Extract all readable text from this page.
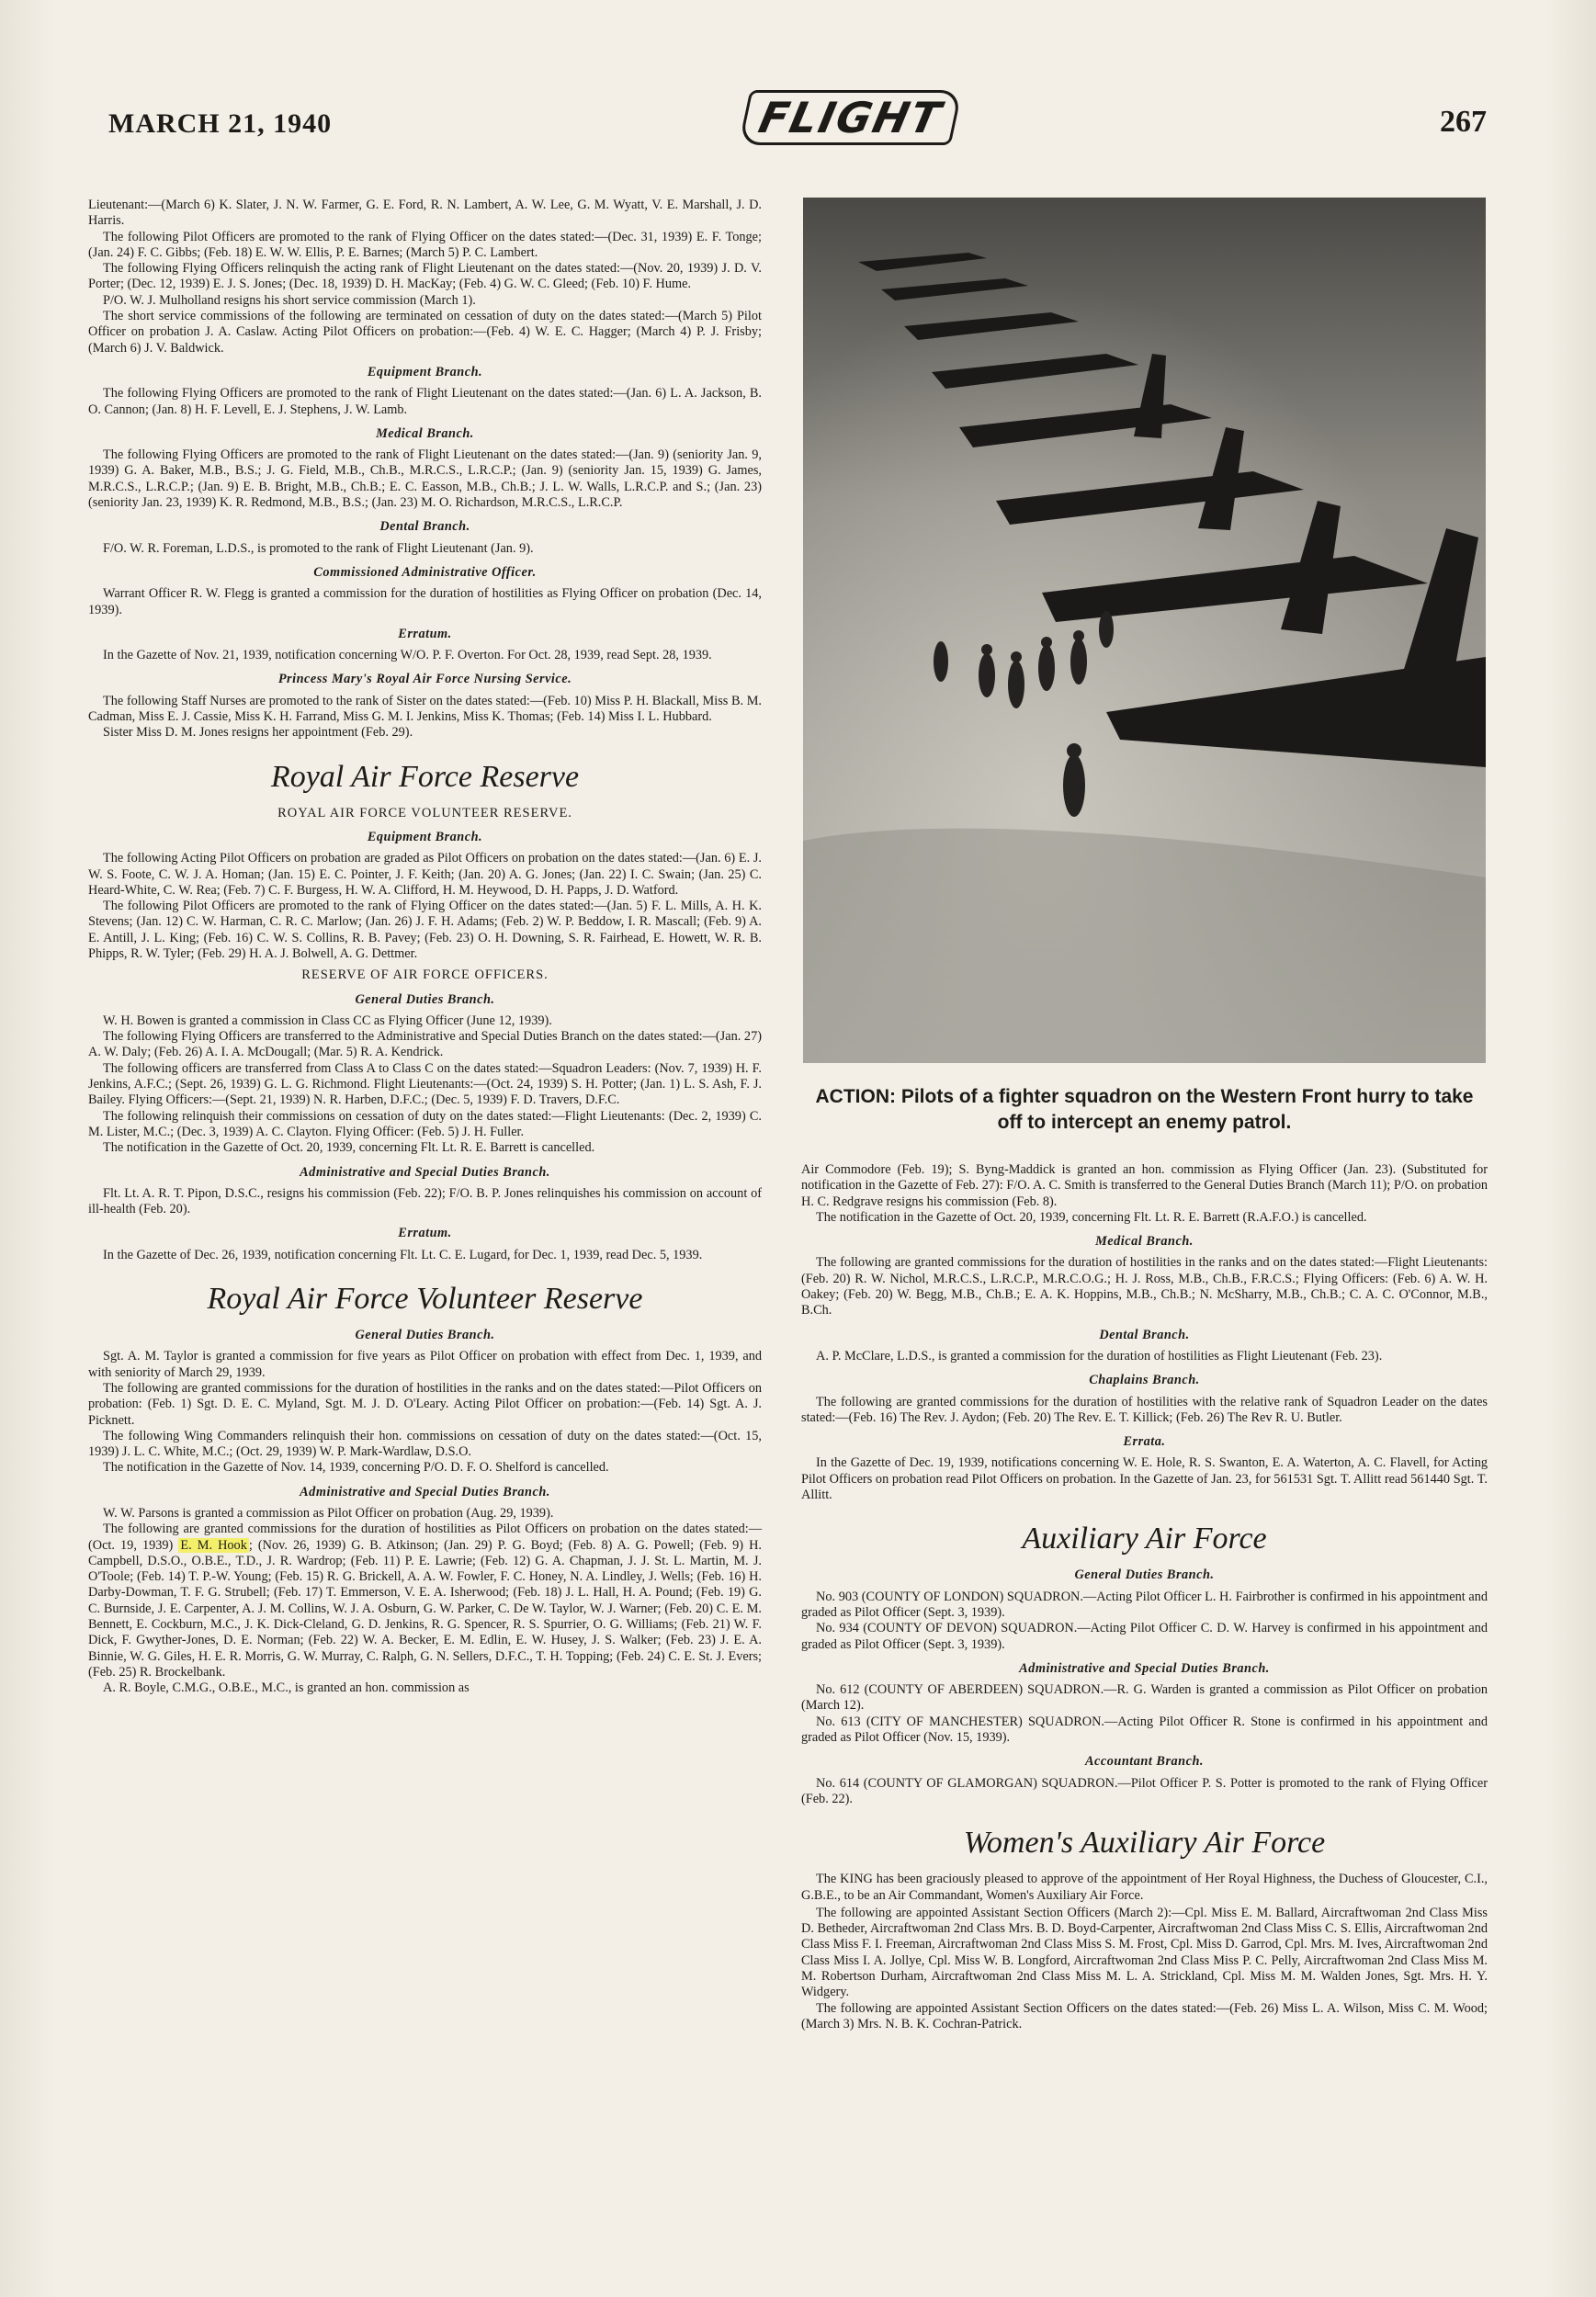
MARCH 21, 1940	FLIGHT	267

Lieutenant:—(March 6) K. Slater, J. N. W. Farmer, G. E. Ford, R. N. Lambert, A. W. Lee, G. M. Wyatt, V. E. Marshall, J. D. Harris.

The following Pilot Officers are promoted to the rank of Flying Officer on the dates stated:—(Dec. 31, 1939) E. F. Tonge; (Jan. 24) F. C. Gibbs; (Feb. 18) E. W. W. Ellis, P. E. Barnes; (March 5) P. C. Lambert.

The following Flying Officers relinquish the acting rank of Flight Lieutenant on the dates stated:—(Nov. 20, 1939) J. D. V. Porter; (Dec. 12, 1939) E. J. S. Jones; (Dec. 18, 1939) D. H. MacKay; (Feb. 4) G. W. C. Gleed; (Feb. 10) F. Hume.

P/O. W. J. Mulholland resigns his short service commission (March 1).

The short service commissions of the following are terminated on cessation of duty on the dates stated:—(March 5) Pilot Officer on probation J. A. Caslaw. Acting Pilot Officers on probation:—(Feb. 4) W. E. C. Hagger; (March 4) P. J. Frisby; (March 6) J. V. Baldwick.

Equipment Branch.

The following Flying Officers are promoted to the rank of Flight Lieutenant on the dates stated:—(Jan. 6) L. A. Jackson, B. O. Cannon; (Jan. 8) H. F. Levell, E. J. Stephens, J. W. Lamb.

Medical Branch.

The following Flying Officers are promoted to the rank of Flight Lieutenant on the dates stated:—(Jan. 9) (seniority Jan. 9, 1939) G. A. Baker, M.B., B.S.; J. G. Field, M.B., Ch.B., M.R.C.S., L.R.C.P.; (Jan. 9) (seniority Jan. 15, 1939) G. James, M.R.C.S., L.R.C.P.; (Jan. 9) E. B. Bright, M.B., Ch.B.; E. C. Easson, M.B., Ch.B.; J. L. W. Walls, L.R.C.P. and S.; (Jan. 23) (seniority Jan. 23, 1939) K. R. Redmond, M.B., B.S.; (Jan. 23) M. O. Richardson, M.R.C.S., L.R.C.P.

Dental Branch.

F/O. W. R. Foreman, L.D.S., is promoted to the rank of Flight Lieutenant (Jan. 9).

Commissioned Administrative Officer.

Warrant Officer R. W. Flegg is granted a commission for the duration of hostilities as Flying Officer on probation (Dec. 14, 1939).

Erratum.

In the Gazette of Nov. 21, 1939, notification concerning W/O. P. F. Overton. For Oct. 28, 1939, read Sept. 28, 1939.

Princess Mary's Royal Air Force Nursing Service.

The following Staff Nurses are promoted to the rank of Sister on the dates stated:—(Feb. 10) Miss P. H. Blackall, Miss B. M. Cadman, Miss E. J. Cassie, Miss K. H. Farrand, Miss G. M. I. Jenkins, Miss K. Thomas; (Feb. 14) Miss I. L. Hubbard.

Sister Miss D. M. Jones resigns her appointment (Feb. 29).

Royal Air Force Reserve
ROYAL AIR FORCE VOLUNTEER RESERVE.
Equipment Branch.

The following Acting Pilot Officers on probation are graded as Pilot Officers on probation on the dates stated:—(Jan. 6) E. J. W. S. Foote, C. W. J. A. Homan; (Jan. 15) E. C. Pointer, J. F. Keith; (Jan. 20) A. G. Jones; (Jan. 22) I. C. Swain; (Jan. 25) C. Heard-White, C. W. Rea; (Feb. 7) C. F. Burgess, H. W. A. Clifford, H. M. Heywood, D. H. Papps, J. D. Watford.

The following Pilot Officers are promoted to the rank of Flying Officer on the dates stated:—(Jan. 5) F. L. Mills, A. H. K. Stevens; (Jan. 12) C. W. Harman, C. R. C. Marlow; (Jan. 26) J. F. H. Adams; (Feb. 2) W. P. Beddow, I. R. Mascall; (Feb. 9) A. E. Antill, J. L. King; (Feb. 16) C. W. S. Collins, R. B. Pavey; (Feb. 23) O. H. Downing, S. R. Fairhead, E. Howett, W. R. B. Phipps, R. W. Tyler; (Feb. 29) H. A. J. Bolwell, A. G. Dettmer.

RESERVE OF AIR FORCE OFFICERS.
General Duties Branch.

W. H. Bowen is granted a commission in Class CC as Flying Officer (June 12, 1939).

The following Flying Officers are transferred to the Administrative and Special Duties Branch on the dates stated:—(Jan. 27) A. W. Daly; (Feb. 26) A. I. A. McDougall; (Mar. 5) R. A. Kendrick.

The following officers are transferred from Class A to Class C on the dates stated:—Squadron Leaders: (Nov. 7, 1939) H. F. Jenkins, A.F.C.; (Sept. 26, 1939) G. L. G. Richmond. Flight Lieutenants:—(Oct. 24, 1939) S. H. Potter; (Jan. 1) L. S. Ash, F. J. Bailey. Flying Officers:—(Sept. 21, 1939) N. R. Harben, D.F.C.; (Dec. 5, 1939) F. D. Travers, D.F.C.

The following relinquish their commissions on cessation of duty on the dates stated:—Flight Lieutenants: (Dec. 2, 1939) C. M. Lister, M.C.; (Dec. 3, 1939) A. C. Clayton. Flying Officer: (Feb. 5) J. H. Fuller.

The notification in the Gazette of Oct. 20, 1939, concerning Flt. Lt. R. E. Barrett is cancelled.

Administrative and Special Duties Branch.

Flt. Lt. A. R. T. Pipon, D.S.C., resigns his commission (Feb. 22); F/O. B. P. Jones relinquishes his commission on account of ill-health (Feb. 20).

Erratum.

In the Gazette of Dec. 26, 1939, notification concerning Flt. Lt. C. E. Lugard, for Dec. 1, 1939, read Dec. 5, 1939.

Royal Air Force Volunteer Reserve
General Duties Branch.

Sgt. A. M. Taylor is granted a commission for five years as Pilot Officer on probation with effect from Dec. 1, 1939, and with seniority of March 29, 1939.

The following are granted commissions for the duration of hostilities in the ranks and on the dates stated:—Pilot Officers on probation: (Feb. 1) Sgt. D. E. C. Myland, Sgt. M. J. D. O'Leary. Acting Pilot Officer on probation:—(Feb. 14) Sgt. A. J. Picknett.

The following Wing Commanders relinquish their hon. commissions on cessation of duty on the dates stated:—(Oct. 15, 1939) J. L. C. White, M.C.; (Oct. 29, 1939) W. P. Mark-Wardlaw, D.S.O.

The notification in the Gazette of Nov. 14, 1939, concerning P/O. D. F. O. Shelford is cancelled.

Administrative and Special Duties Branch.

W. W. Parsons is granted a commission as Pilot Officer on probation (Aug. 29, 1939).

The following are granted commissions for the duration of hostilities as Pilot Officers on probation on the dates stated:—(Oct. 19, 1939) E. M. Hook ; (Nov. 26, 1939) G. B. Atkinson; (Jan. 29) P. G. Boyd; (Feb. 8) A. G. Powell; (Feb. 9) H. Campbell, D.S.O., O.B.E., T.D., J. R. Wardrop; (Feb. 11) P. E. Lawrie; (Feb. 12) G. A. Chapman, J. J. St. L. Martin, M. J. O'Toole; (Feb. 14) T. P.-W. Young; (Feb. 15) R. G. Brickell, A. A. W. Fowler, F. C. Honey, N. A. Lindley, J. Wells; (Feb. 16) H. Darby-Dowman, T. F. G. Strubell; (Feb. 17) T. Emmerson, V. E. A. Isherwood; (Feb. 18) J. L. Hall, H. A. Pound; (Feb. 19) G. C. Burnside, J. E. Carpenter, A. J. M. Collins, W. J. A. Osburn, G. W. Parker, C. De W. Taylor, W. J. Warner; (Feb. 20) C. E. M. Bennett, E. Cockburn, M.C., J. K. Dick-Cleland, G. D. Jenkins, R. G. Spencer, R. S. Spurrier, O. G. Williams; (Feb. 21) W. F. Dick, F. Gwyther-Jones, D. E. Norman; (Feb. 22) W. A. Becker, E. M. Edlin, E. W. Husey, J. S. Walker; (Feb. 23) J. E. A. Binnie, W. G. Giles, H. E. R. Morris, G. W. Murray, C. Ralph, G. N. Sellers, D.F.C., T. H. Topping; (Feb. 24) C. E. St. J. Evers; (Feb. 25) R. Brockelbank.

A. R. Boyle, C.M.G., O.B.E., M.C., is granted an hon. commission as

ACTION: Pilots of a fighter squadron on the Western Front hurry to take off to intercept an enemy patrol.

Air Commodore (Feb. 19); S. Byng-Maddick is granted an hon. commission as Flying Officer (Jan. 23). (Substituted for notification in the Gazette of Feb. 27): F/O. A. C. Smith is transferred to the General Duties Branch (March 11); P/O. on probation H. C. Redgrave resigns his commission (Feb. 8).

The notification in the Gazette of Oct. 20, 1939, concerning Flt. Lt. R. E. Barrett (R.A.F.O.) is cancelled.

Medical Branch.

The following are granted commissions for the duration of hostilities in the ranks and on the dates stated:—Flight Lieutenants: (Feb. 20) R. W. Nichol, M.R.C.S., L.R.C.P., M.R.C.O.G.; H. J. Ross, M.B., Ch.B., F.R.C.S.; Flying Officers: (Feb. 6) A. W. H. Oakey; (Feb. 20) W. Begg, M.B., Ch.B.; E. A. K. Hoppins, M.B., Ch.B.; N. McSharry, M.B., Ch.B.; C. A. C. O'Connor, M.B., B.Ch.

Dental Branch.

A. P. McClare, L.D.S., is granted a commission for the duration of hostilities as Flight Lieutenant (Feb. 23).

Chaplains Branch.

The following are granted commissions for the duration of hostilities with the relative rank of Squadron Leader on the dates stated:—(Feb. 16) The Rev. J. Aydon; (Feb. 20) The Rev. E. T. Killick; (Feb. 26) The Rev R. U. Butler.

Errata.

In the Gazette of Dec. 19, 1939, notifications concerning W. E. Hole, R. S. Swanton, E. A. Waterton, A. C. Flavell, for Acting Pilot Officers on probation read Pilot Officers on probation. In the Gazette of Jan. 23, for 561531 Sgt. T. Allitt read 561440 Sgt. T. Allitt.

Auxiliary Air Force
General Duties Branch.

No. 903 (COUNTY OF LONDON) SQUADRON.—Acting Pilot Officer L. H. Fairbrother is confirmed in his appointment and graded as Pilot Officer (Sept. 3, 1939).

No. 934 (COUNTY OF DEVON) SQUADRON.—Acting Pilot Officer C. D. W. Harvey is confirmed in his appointment and graded as Pilot Officer (Sept. 3, 1939).

Administrative and Special Duties Branch.

No. 612 (COUNTY OF ABERDEEN) SQUADRON.—R. G. Warden is granted a commission as Pilot Officer on probation (March 12).

No. 613 (CITY OF MANCHESTER) SQUADRON.—Acting Pilot Officer R. Stone is confirmed in his appointment and graded as Pilot Officer (Nov. 15, 1939).

Accountant Branch.

No. 614 (COUNTY OF GLAMORGAN) SQUADRON.—Pilot Officer P. S. Potter is promoted to the rank of Flying Officer (Feb. 22).

Women's Auxiliary Air Force

The KING has been graciously pleased to approve of the appointment of Her Royal Highness, the Duchess of Gloucester, C.I., G.B.E., to be an Air Commandant, Women's Auxiliary Air Force.

The following are appointed Assistant Section Officers (March 2):—Cpl. Miss E. M. Ballard, Aircraftwoman 2nd Class Miss D. Betheder, Aircraftwoman 2nd Class Mrs. B. D. Boyd-Carpenter, Aircraftwoman 2nd Class Miss C. S. Ellis, Aircraftwoman 2nd Class Miss F. I. Freeman, Aircraftwoman 2nd Class Miss S. M. Frost, Cpl. Miss D. Garrod, Cpl. Mrs. M. Ives, Aircraftwoman 2nd Class Miss I. A. Jollye, Cpl. Miss W. B. Longford, Aircraftwoman 2nd Class Miss P. C. Pelly, Aircraftwoman 2nd Class Miss M. M. Robertson Durham, Aircraftwoman 2nd Class Miss M. L. A. Strickland, Cpl. Miss M. M. Walden Jones, Sgt. Mrs. H. Y. Widgery.

The following are appointed Assistant Section Officers on the dates stated:—(Feb. 26) Miss L. A. Wilson, Miss C. M. Wood; (March 3) Mrs. N. B. K. Cochran-Patrick.
